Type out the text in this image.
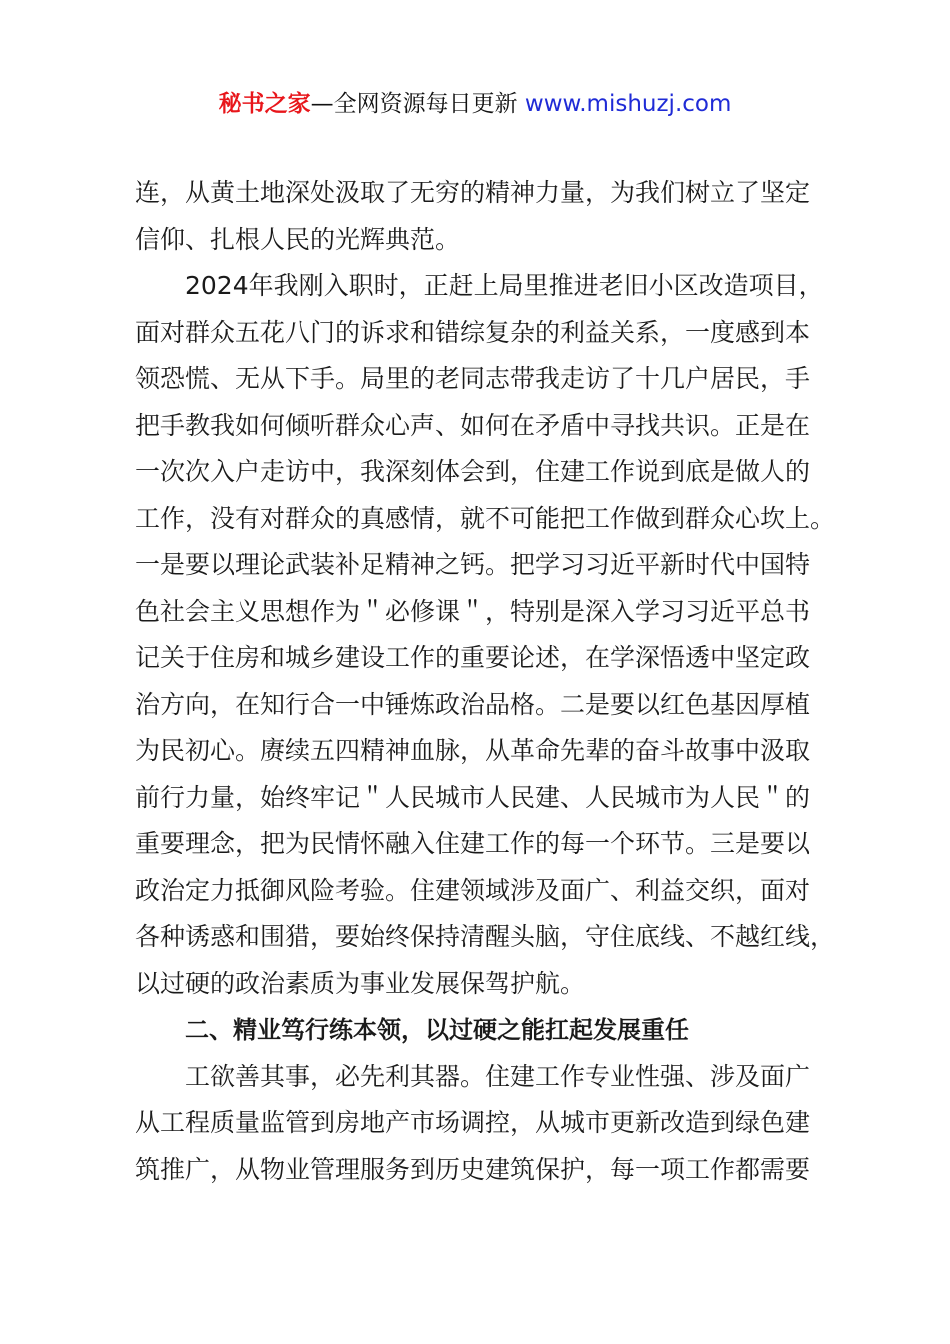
秘书之家—全网资源每日更新 www.mishuzj.com
连，从黄土地深处汲取了无穷的精神力量，为我们树立了坚定
信仰、扎根人民的光辉典范。
2024年我刚入职时，正赶上局里推进老旧小区改造项目，
面对群众五花八门的诉求和错综复杂的利益关系，一度感到本
领恐慌、无从下手。局里的老同志带我走访了十几户居民，手
把手教我如何倾听群众心声、如何在矛盾中寻找共识。正是在
一次次入户走访中，我深刻体会到，住建工作说到底是做人的
工作，没有对群众的真感情，就不可能把工作做到群众心坎上。
一是要以理论武装补足精神之钙。把学习习近平新时代中国特
色社会主义思想作为＂必修课＂，特别是深入学习习近平总书
记关于住房和城乡建设工作的重要论述，在学深悟透中坚定政
治方向，在知行合一中锤炼政治品格。二是要以红色基因厚植
为民初心。赓续五四精神血脉，从革命先辈的奋斗故事中汲取
前行力量，始终牢记＂人民城市人民建、人民城市为人民＂的
重要理念，把为民情怀融入住建工作的每一个环节。三是要以
政治定力抵御风险考验。住建领域涉及面广、利益交织，面对
各种诱惑和围猎，要始终保持清醒头脑，守住底线、不越红线，
以过硬的政治素质为事业发展保驾护航。
二、精业笃行练本领，以过硬之能扛起发展重任
工欲善其事，必先利其器。住建工作专业性强、涉及面广
从工程质量监管到房地产市场调控，从城市更新改造到绿色建
筑推广，从物业管理服务到历史建筑保护，每一项工作都需要
